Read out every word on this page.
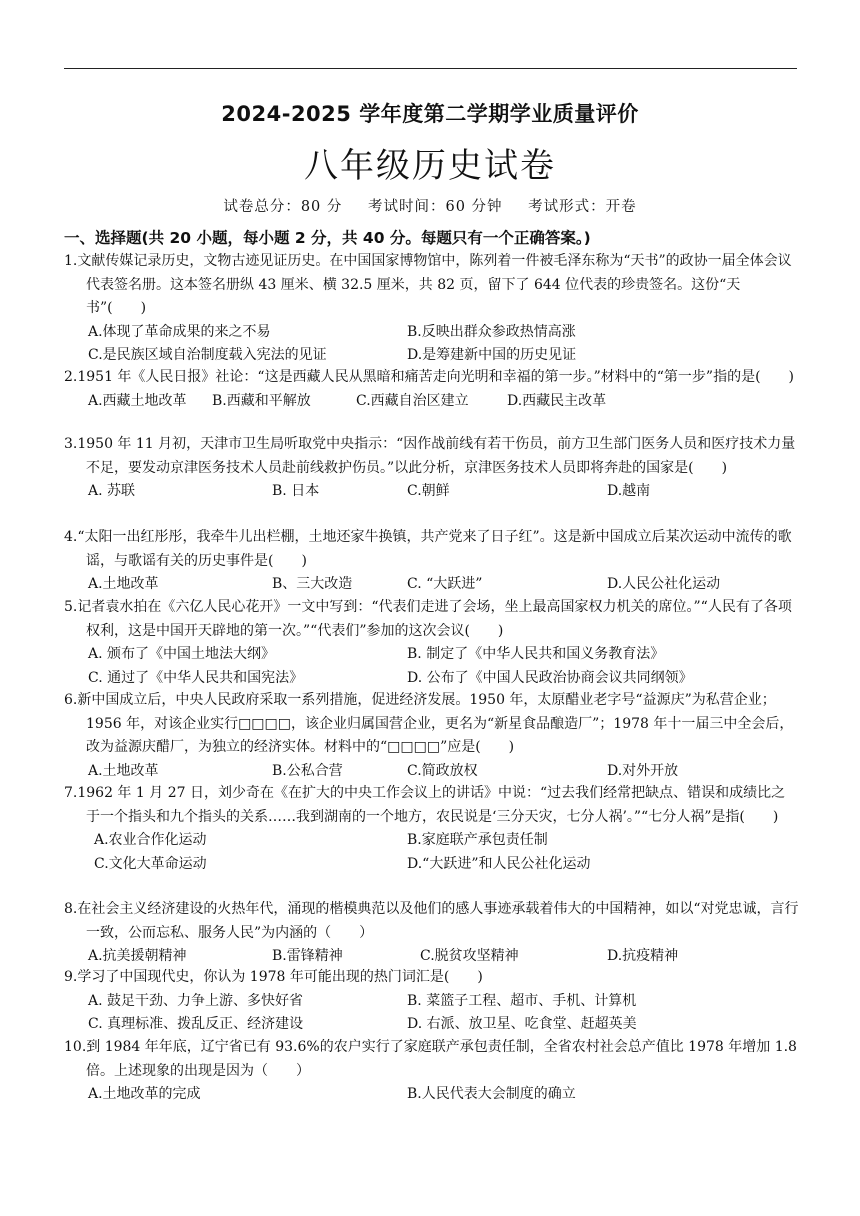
2024-2025 学年度第二学期学业质量评价
八年级历史试卷
试卷总分：80 分 考试时间：60 分钟 考试形式：开卷
一、选择题(共 20 小题，每小题 2 分，共 40 分。每题只有一个正确答案。)
1.文献传媒记录历史，文物古迹见证历史。在中国国家博物馆中，陈列着一件被毛泽东称为“天书”的政协一届全体会议代表签名册。这本签名册纵 43 厘米、横 32.5 厘米，共 82 页，留下了 644 位代表的珍贵签名。这份“天书”(　　)
A.体现了革命成果的来之不易	B.反映出群众参政热情高涨
C.是民族区域自治制度载入宪法的见证	D.是筹建新中国的历史见证
2.1951 年《人民日报》社论：“这是西藏人民从黑暗和痛苦走向光明和幸福的第一步。”材料中的“第一步”指的是(　　)
A.西藏土地改革 B.西藏和平解放	C.西藏自治区建立	D.西藏民主改革
3.1950 年 11 月初，天津市卫生局听取党中央指示：“因作战前线有若干伤员，前方卫生部门医务人员和医疗技术力量不足，要发动京津医务技术人员赴前线救护伤员。”以此分析，京津医务技术人员即将奔赴的国家是(　　)
A. 苏联	B. 日本	C.朝鲜	D.越南
4.“太阳一出红彤彤，我牵牛儿出栏棚，土地还家牛换镇，共产党来了日子红”。这是新中国成立后某次运动中流传的歌谣，与歌谣有关的历史事件是(　　)
A.土地改革	B、三大改造	C. “大跃进”	D.人民公社化运动
5.记者袁水拍在《六亿人民心花开》一文中写到：“代表们走进了会场，坐上最高国家权力机关的席位。”“人民有了各项权利，这是中国开天辟地的第一次。”“代表们”参加的这次会议(　　)
A. 颁布了《中国土地法大纲》	B. 制定了《中华人民共和国义务教育法》
C. 通过了《中华人民共和国宪法》	D. 公布了《中国人民政治协商会议共同纲领》
6.新中国成立后，中央人民政府采取一系列措施，促进经济发展。1950 年，太原醋业老字号“益源庆”为私营企业；1956 年，对该企业实行□□□□，该企业归属国营企业，更名为“新星食品酿造厂”；1978 年十一届三中全会后，改为益源庆醋厂，为独立的经济实体。材料中的“□□□□”应是(　　)
A.土地改革	B.公私合营	C.简政放权	D.对外开放
7.1962 年 1 月 27 日，刘少奇在《在扩大的中央工作会议上的讲话》中说：“过去我们经常把缺点、错误和成绩比之于一个指头和九个指头的关系……我到湖南的一个地方，农民说是‘三分天灾，七分人祸’。”“七分人祸”是指(　　)
A.农业合作化运动	B.家庭联产承包责任制
C.文化大革命运动	D.“大跃进”和人民公社化运动
8.在社会主义经济建设的火热年代，涌现的楷模典范以及他们的感人事迹承载着伟大的中国精神，如以“对党忠诚，言行一致，公而忘私、服务人民”为内涵的（　　）
A.抗美援朝精神	B.雷锋精神	C.脱贫攻坚精神	D.抗疫精神
9.学习了中国现代史，你认为 1978 年可能出现的热门词汇是(　　)
A. 鼓足干劲、力争上游、多快好省	B. 菜篮子工程、超市、手机、计算机
C. 真理标准、拨乱反正、经济建设	D. 右派、放卫星、吃食堂、赶超英美
10.到 1984 年年底，辽宁省已有 93.6%的农户实行了家庭联产承包责任制，全省农村社会总产值比 1978 年增加 1.8 倍。上述现象的出现是因为（　　）
A.土地改革的完成	B.人民代表大会制度的确立
